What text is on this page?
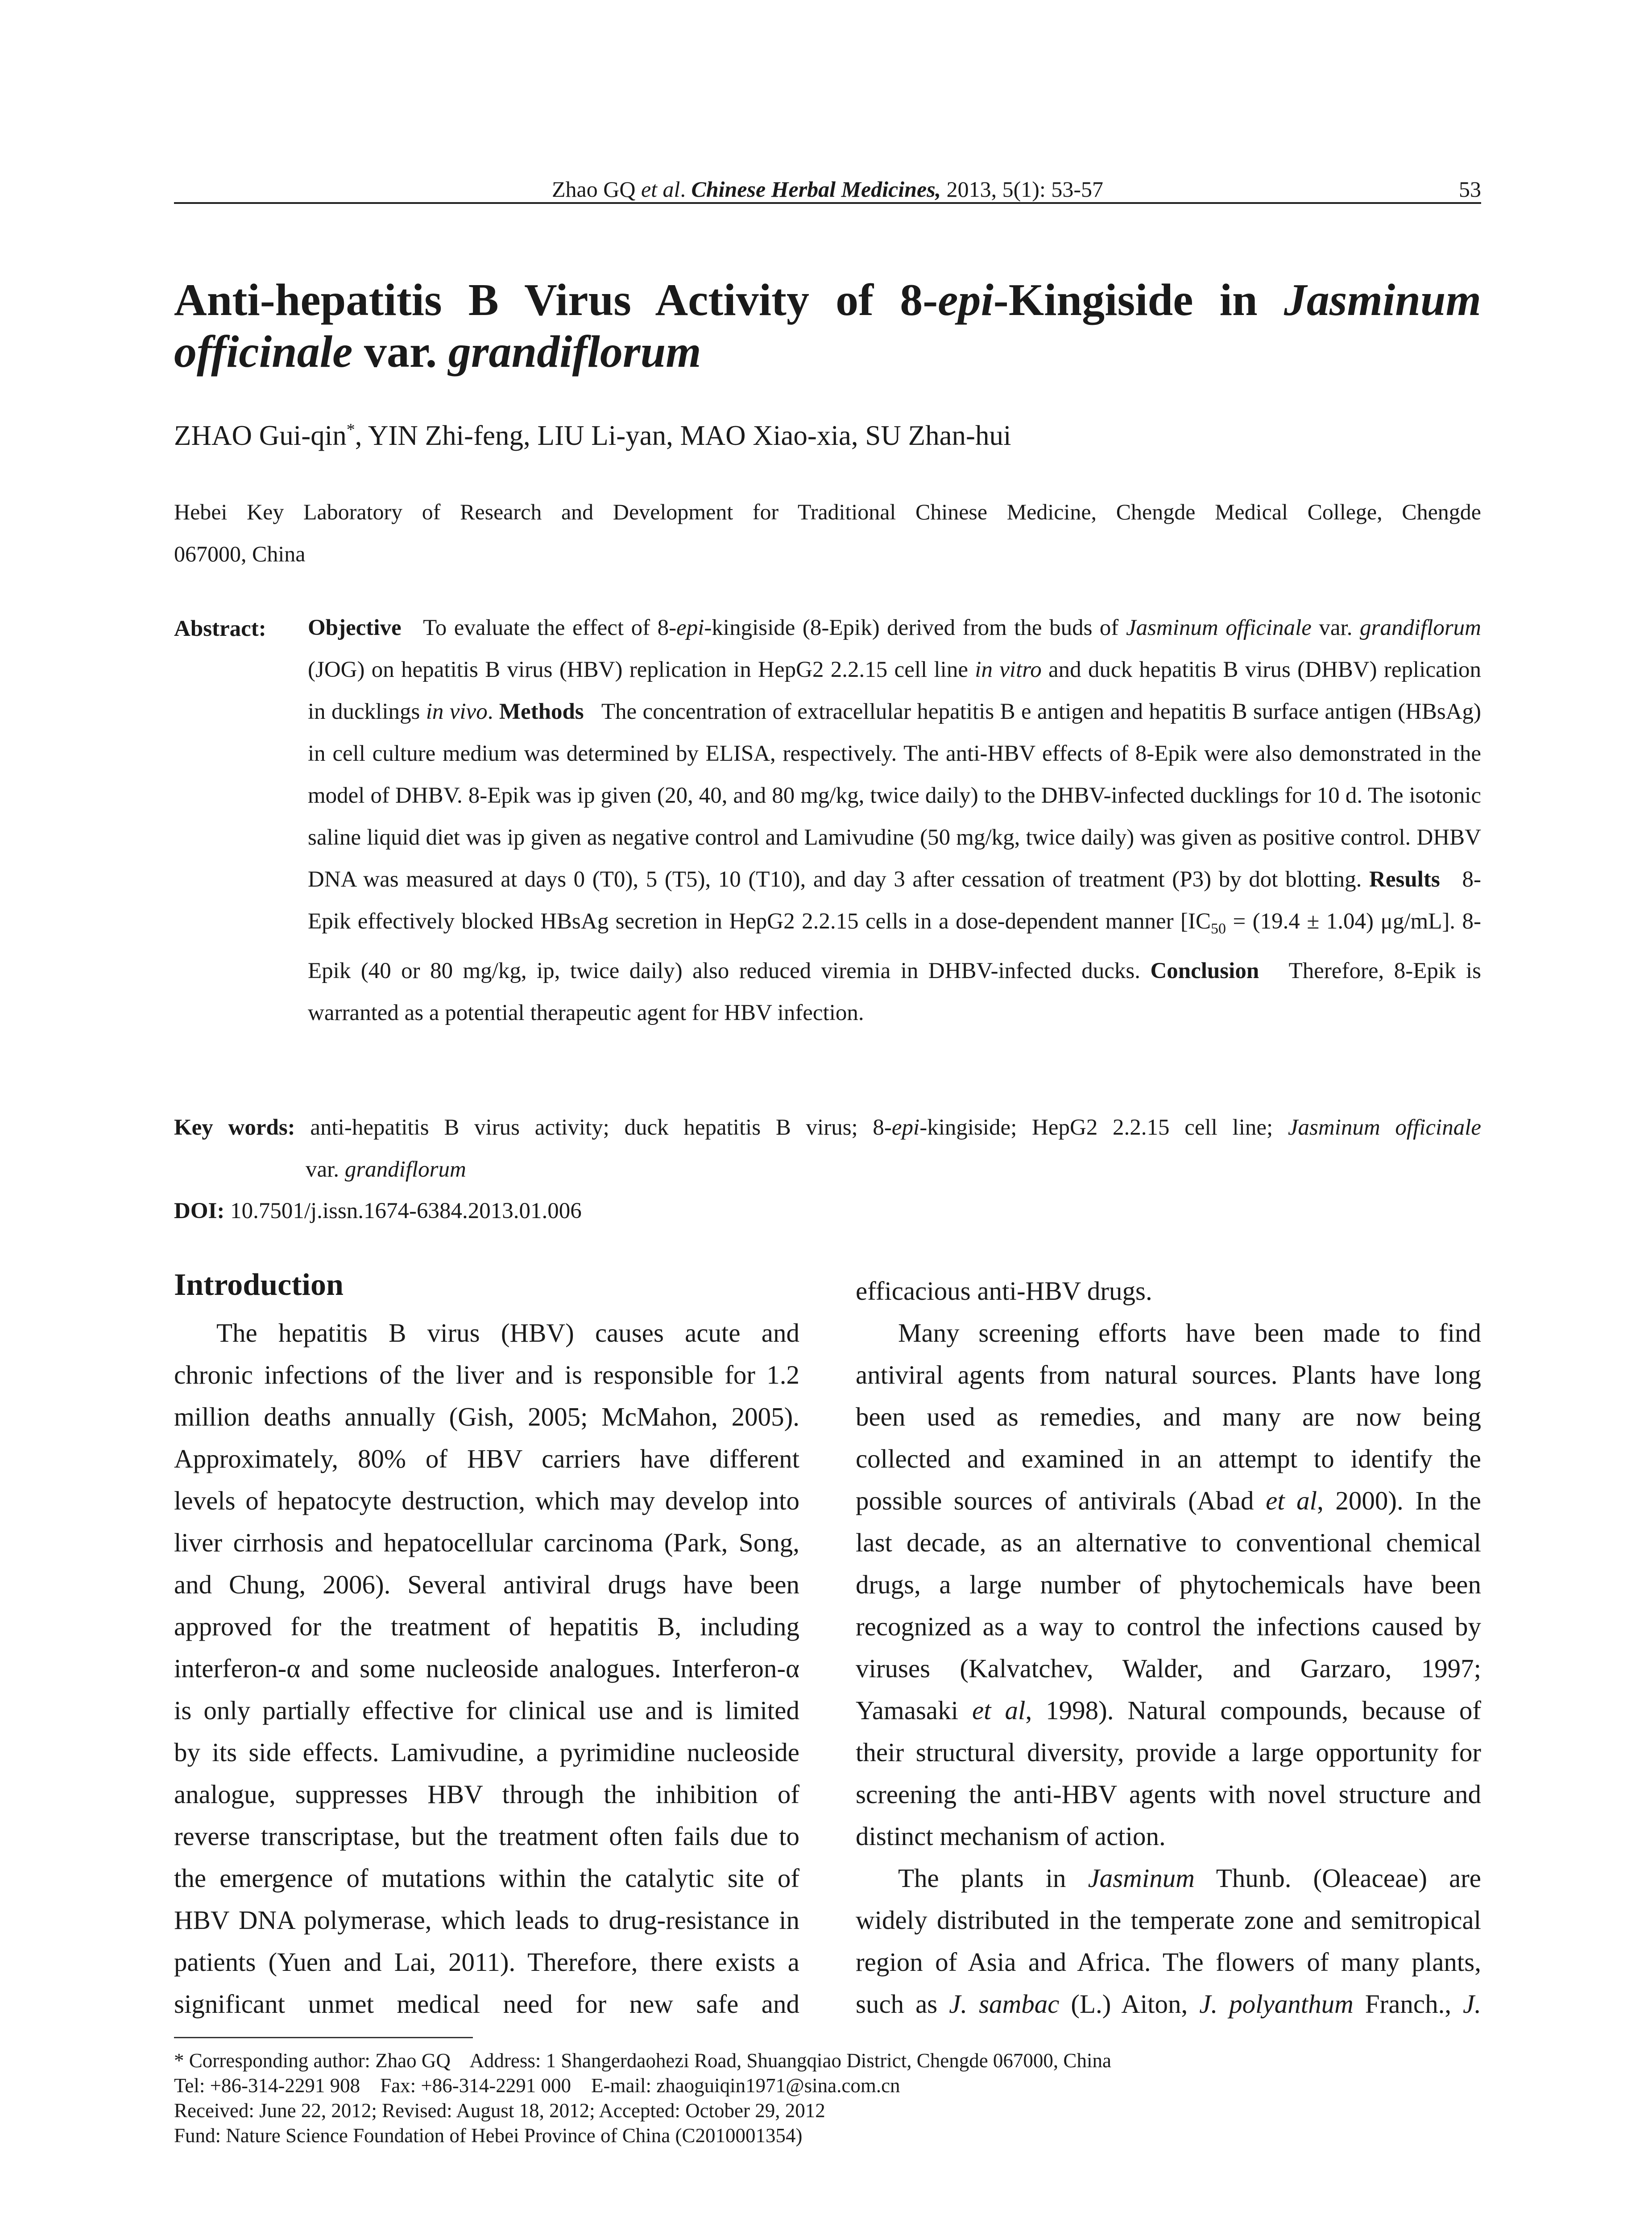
Zhao GQ et al. Chinese Herbal Medicines, 2013, 5(1): 53-57	53
Anti-hepatitis B Virus Activity of 8-epi-Kingiside in Jasminum
officinale var. grandiflorum
ZHAO Gui-qin*, YIN Zhi-feng, LIU Li-yan, MAO Xiao-xia, SU Zhan-hui
Hebei Key Laboratory of Research and Development for Traditional Chinese Medicine, Chengde Medical College, Chengde
067000, China
Abstract: Objective   To evaluate the effect of 8-epi-kingiside (8-Epik) derived from the buds of Jasminum officinale var. grandiflorum (JOG) on hepatitis B virus (HBV) replication in HepG2 2.2.15 cell line in vitro and duck hepatitis B virus (DHBV) replication in ducklings in vivo. Methods   The concentration of extracellular hepatitis B e antigen and hepatitis B surface antigen (HBsAg) in cell culture medium was determined by ELISA, respectively. The anti-HBV effects of 8-Epik were also demonstrated in the model of DHBV. 8-Epik was ip given (20, 40, and 80 mg/kg, twice daily) to the DHBV-infected ducklings for 10 d. The isotonic saline liquid diet was ip given as negative control and Lamivudine (50 mg/kg, twice daily) was given as positive control. DHBV DNA was measured at days 0 (T0), 5 (T5), 10 (T10), and day 3 after cessation of treatment (P3) by dot blotting. Results   8-Epik effectively blocked HBsAg secretion in HepG2 2.2.15 cells in a dose-dependent manner [$IC_{50} = (19.4 \pm 1.04)$ μg/mL]. 8-Epik (40 or 80 mg/kg, ip, twice daily) also reduced viremia in DHBV-infected ducks. Conclusion   Therefore, 8-Epik is warranted as a potential therapeutic agent for HBV infection.
Key words: anti-hepatitis B virus activity; duck hepatitis B virus; 8-epi-kingiside; HepG2 2.2.15 cell line; Jasminum officinale
var. grandiflorum
DOI: 10.7501/j.issn.1674-6384.2013.01.006
Introduction
The hepatitis B virus (HBV) causes acute and
chronic infections of the liver and is responsible for 1.2
million deaths annually (Gish, 2005; McMahon, 2005).
Approximately, 80% of HBV carriers have different
levels of hepatocyte destruction, which may develop into
liver cirrhosis and hepatocellular carcinoma (Park, Song,
and Chung, 2006). Several antiviral drugs have been
approved for the treatment of hepatitis B, including
interferon-α and some nucleoside analogues. Interferon-α
is only partially effective for clinical use and is limited
by its side effects. Lamivudine, a pyrimidine nucleoside
analogue, suppresses HBV through the inhibition of
reverse transcriptase, but the treatment often fails due to
the emergence of mutations within the catalytic site of
HBV DNA polymerase, which leads to drug-resistance in
patients (Yuen and Lai, 2011). Therefore, there exists a
significant unmet medical need for new safe and
efficacious anti-HBV drugs.
Many screening efforts have been made to find
antiviral agents from natural sources. Plants have long
been used as remedies, and many are now being
collected and examined in an attempt to identify the
possible sources of antivirals (Abad et al, 2000). In the
last decade, as an alternative to conventional chemical
drugs, a large number of phytochemicals have been
recognized as a way to control the infections caused by
viruses (Kalvatchev, Walder, and Garzaro, 1997;
Yamasaki et al, 1998). Natural compounds, because of
their structural diversity, provide a large opportunity for
screening the anti-HBV agents with novel structure and
distinct mechanism of action.
The plants in Jasminum Thunb. (Oleaceae) are
widely distributed in the temperate zone and semitropical
region of Asia and Africa. The flowers of many plants,
such as J. sambac (L.) Aiton, J. polyanthum Franch., J.
* Corresponding author: Zhao GQ    Address: 1 Shangerdaohezi Road, Shuangqiao District, Chengde 067000, China
Tel: +86-314-2291 908    Fax: +86-314-2291 000    E-mail: zhaoguiqin1971@sina.com.cn
Received: June 22, 2012; Revised: August 18, 2012; Accepted: October 29, 2012
Fund: Nature Science Foundation of Hebei Province of China (C2010001354)
